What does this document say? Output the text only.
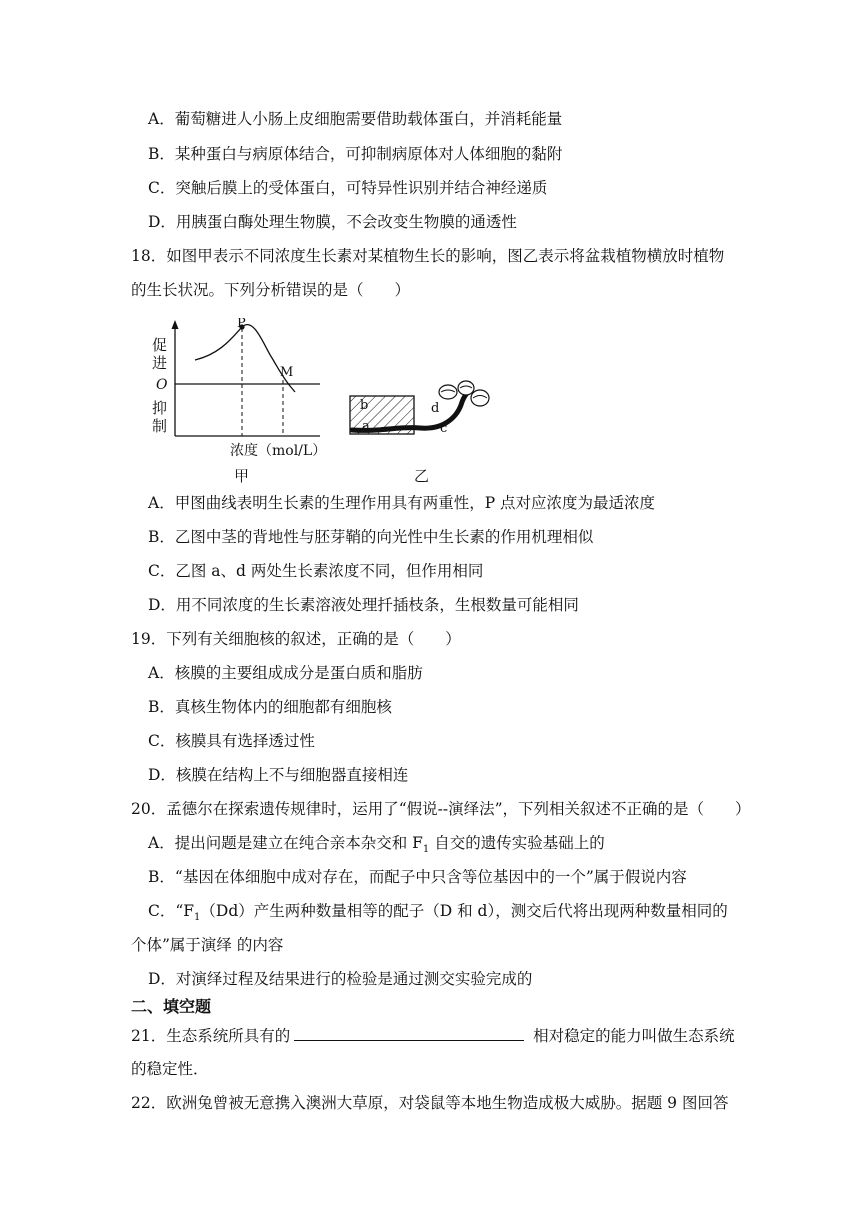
A．葡萄糖进人小肠上皮细胞需要借助载体蛋白，并消耗能量
B．某种蛋白与病原体结合，可抑制病原体对人体细胞的黏附
C．突触后膜上的受体蛋白，可特异性识别并结合神经递质
D．用胰蛋白酶处理生物膜，不会改变生物膜的通透性
18．如图甲表示不同浓度生长素对某植物生长的影响，图乙表示将盆栽植物横放时植物
的生长状况。下列分析错误的是（　　）
促
进
O
抑
制
P
M
浓度（mol/L）
甲
b
a
d
c
乙
A．甲图曲线表明生长素的生理作用具有两重性，P 点对应浓度为最适浓度
B．乙图中茎的背地性与胚芽鞘的向光性中生长素的作用机理相似
C．乙图 a、d 两处生长素浓度不同，但作用相同
D．用不同浓度的生长素溶液处理扦插枝条，生根数量可能相同
19．下列有关细胞核的叙述，正确的是（　　）
A．核膜的主要组成成分是蛋白质和脂肪
B．真核生物体内的细胞都有细胞核
C．核膜具有选择透过性
D．核膜在结构上不与细胞器直接相连
20．孟德尔在探索遗传规律时，运用了“假说--演绎法”，下列相关叙述不正确的是（　　）
A．提出问题是建立在纯合亲本杂交和 $F_1$ 自交的遗传实验基础上的
B．“基因在体细胞中成对存在，而配子中只含等位基因中的一个”属于假说内容
C．“$F_1(Dd)$产生两种数量相等的配子（D 和 d），测交后代将出现两种数量相同的
个体”属于演绎 的内容
D．对演绎过程及结果进行的检验是通过测交实验完成的
二、填空题
21．生态系统所具有的	相对稳定的能力叫做生态系统
的稳定性．
22．欧洲兔曾被无意携入澳洲大草原，对袋鼠等本地生物造成极大威胁。据题 9 图回答
